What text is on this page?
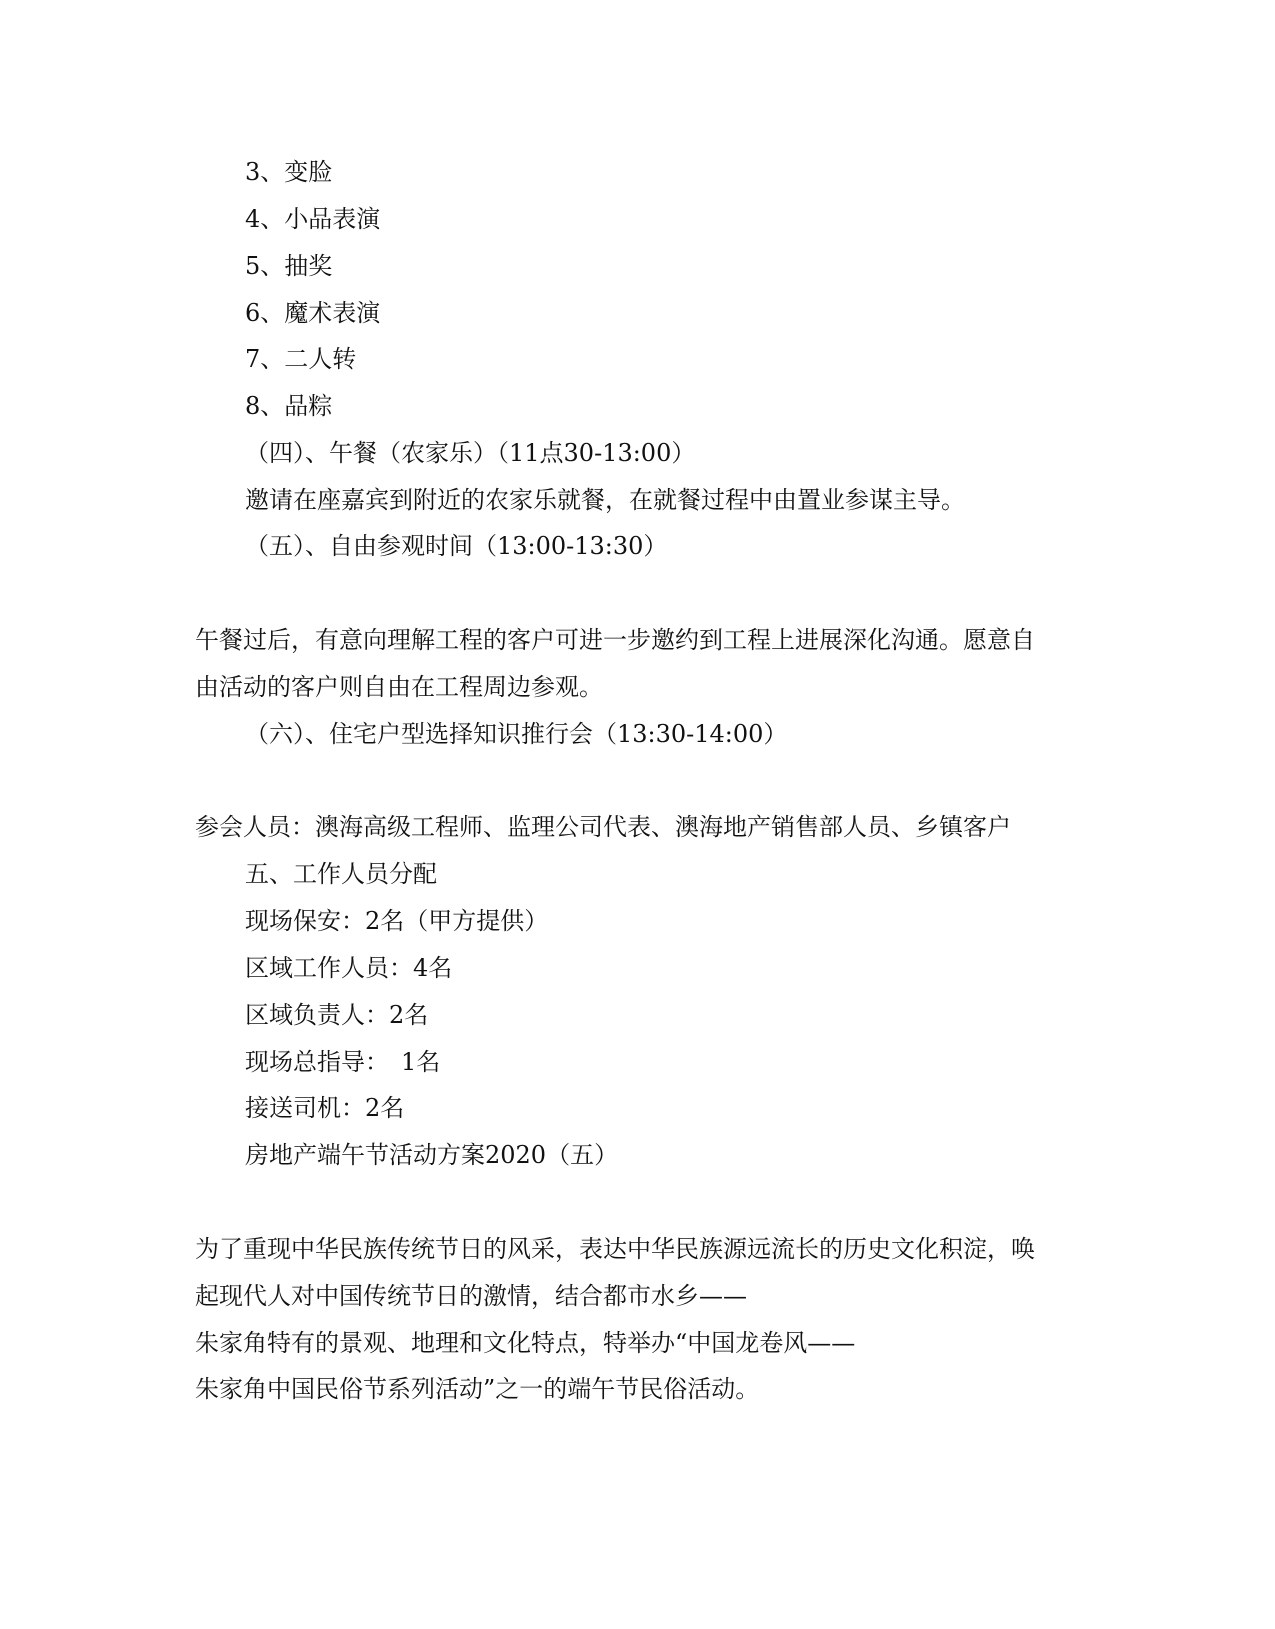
3、变脸
4、小品表演
5、抽奖
6、魔术表演
7、二人转
8、品粽
（四）、午餐（农家乐）（11点30-13:00）
邀请在座嘉宾到附近的农家乐就餐，在就餐过程中由置业参谋主导。
（五）、自由参观时间（13:00-13:30）
午餐过后，有意向理解工程的客户可进一步邀约到工程上进展深化沟通。愿意自
由活动的客户则自由在工程周边参观。
（六）、住宅户型选择知识推行会（13:30-14:00）
参会人员：澳海高级工程师、监理公司代表、澳海地产销售部人员、乡镇客户
五、工作人员分配
现场保安：2名（甲方提供）
区域工作人员：4名
区域负责人：2名
现场总指导：　1名
接送司机：2名
房地产端午节活动方案2020（五）
为了重现中华民族传统节日的风采，表达中华民族源远流长的历史文化积淀，唤
起现代人对中国传统节日的激情，结合都市水乡——
朱家角特有的景观、地理和文化特点，特举办“中国龙卷风——
朱家角中国民俗节系列活动”之一的端午节民俗活动。
